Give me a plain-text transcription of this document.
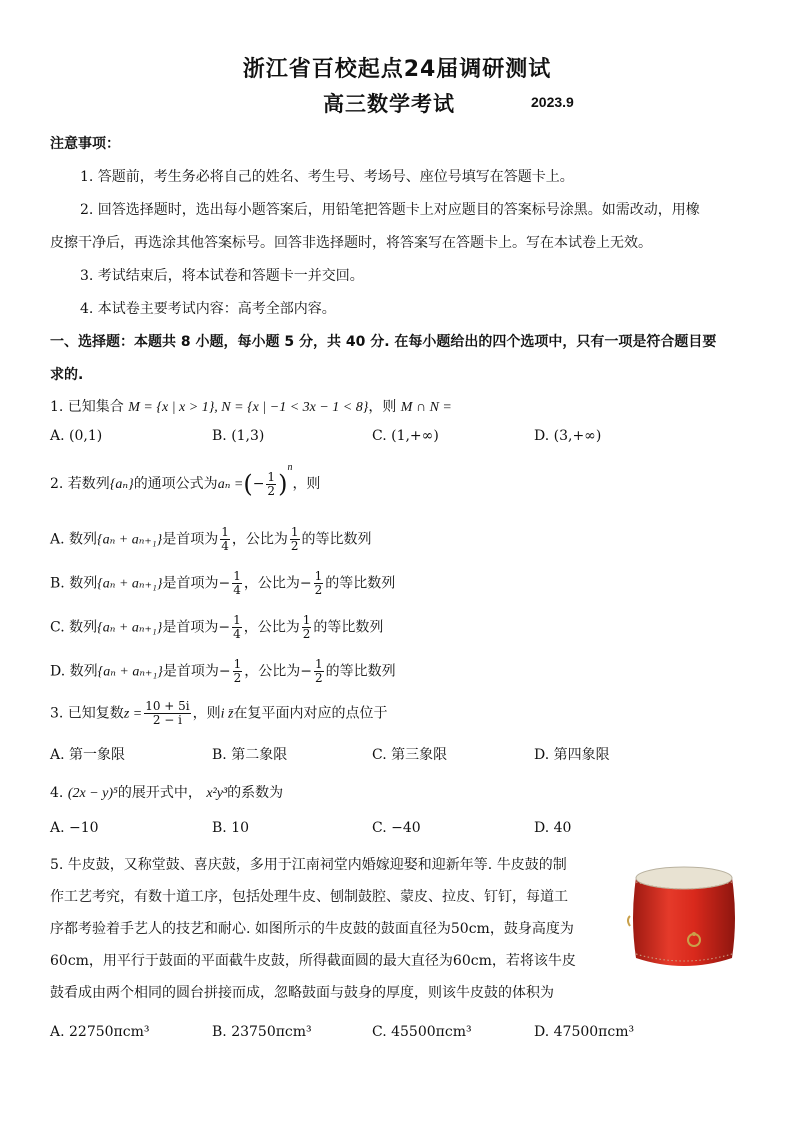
浙江省百校起点24届调研测试
高三数学考试	2023.9
注意事项：
1. 答题前，考生务必将自己的姓名、考生号、考场号、座位号填写在答题卡上。
2. 回答选择题时，选出每小题答案后，用铅笔把答题卡上对应题目的答案标号涂黑。如需改动，用橡
皮擦干净后，再选涂其他答案标号。回答非选择题时，将答案写在答题卡上。写在本试卷上无效。
3. 考试结束后，将本试卷和答题卡一并交回。
4. 本试卷主要考试内容：高考全部内容。
一、选择题：本题共 8 小题，每小题 5 分，共 40 分. 在每小题给出的四个选项中，只有一项是符合题目要
求的.
1. 已知集合 M = {x | x > 1}, N = {x | −1 < 3x − 1 < 8}，则 M ∩ N =
A. (0,1)	B. (1,3)	C. (1,+∞)	D. (3,+∞)
2. 若数列{aₙ}的通项公式为aₙ =(− $\frac{1}{2} )^n$，则
A. 数列{aₙ + aₙ₊₁}是首项为 $\frac{1}{4}$ ，公比为 $\frac{1}{2}$ 的等比数列
B. 数列{aₙ + aₙ₊₁}是首项为− $\frac{1}{4}$ ，公比为− $\frac{1}{2}$ 的等比数列
C. 数列{aₙ + aₙ₊₁}是首项为− $\frac{1}{4}$ ，公比为 $\frac{1}{2}$ 的等比数列
D. 数列{aₙ + aₙ₊₁}是首项为− $\frac{1}{2}$ ，公比为− $\frac{1}{2}$ 的等比数列
3. 已知复数$z = \frac{10 + 5i}{2 - i}$ ，则i z̄在复平面内对应的点位于
A. 第一象限	B. 第二象限	C. 第三象限	D. 第四象限
4. (2x − y)⁵的展开式中， x²y³的系数为
A. −10	B. 10	C. −40	D. 40
5. 牛皮鼓，又称堂鼓、喜庆鼓，多用于江南祠堂内婚嫁迎娶和迎新年等. 牛皮鼓的制
作工艺考究，有数十道工序，包括处理牛皮、刨制鼓腔、蒙皮、拉皮、钉钉，每道工
序都考验着手艺人的技艺和耐心. 如图所示的牛皮鼓的鼓面直径为50cm，鼓身高度为
60cm，用平行于鼓面的平面截牛皮鼓，所得截面圆的最大直径为60cm，若将该牛皮
鼓看成由两个相同的圆台拼接而成，忽略鼓面与鼓身的厚度，则该牛皮鼓的体积为
A. 22750πcm³	B. 23750πcm³	C. 45500πcm³	D. 47500πcm³
